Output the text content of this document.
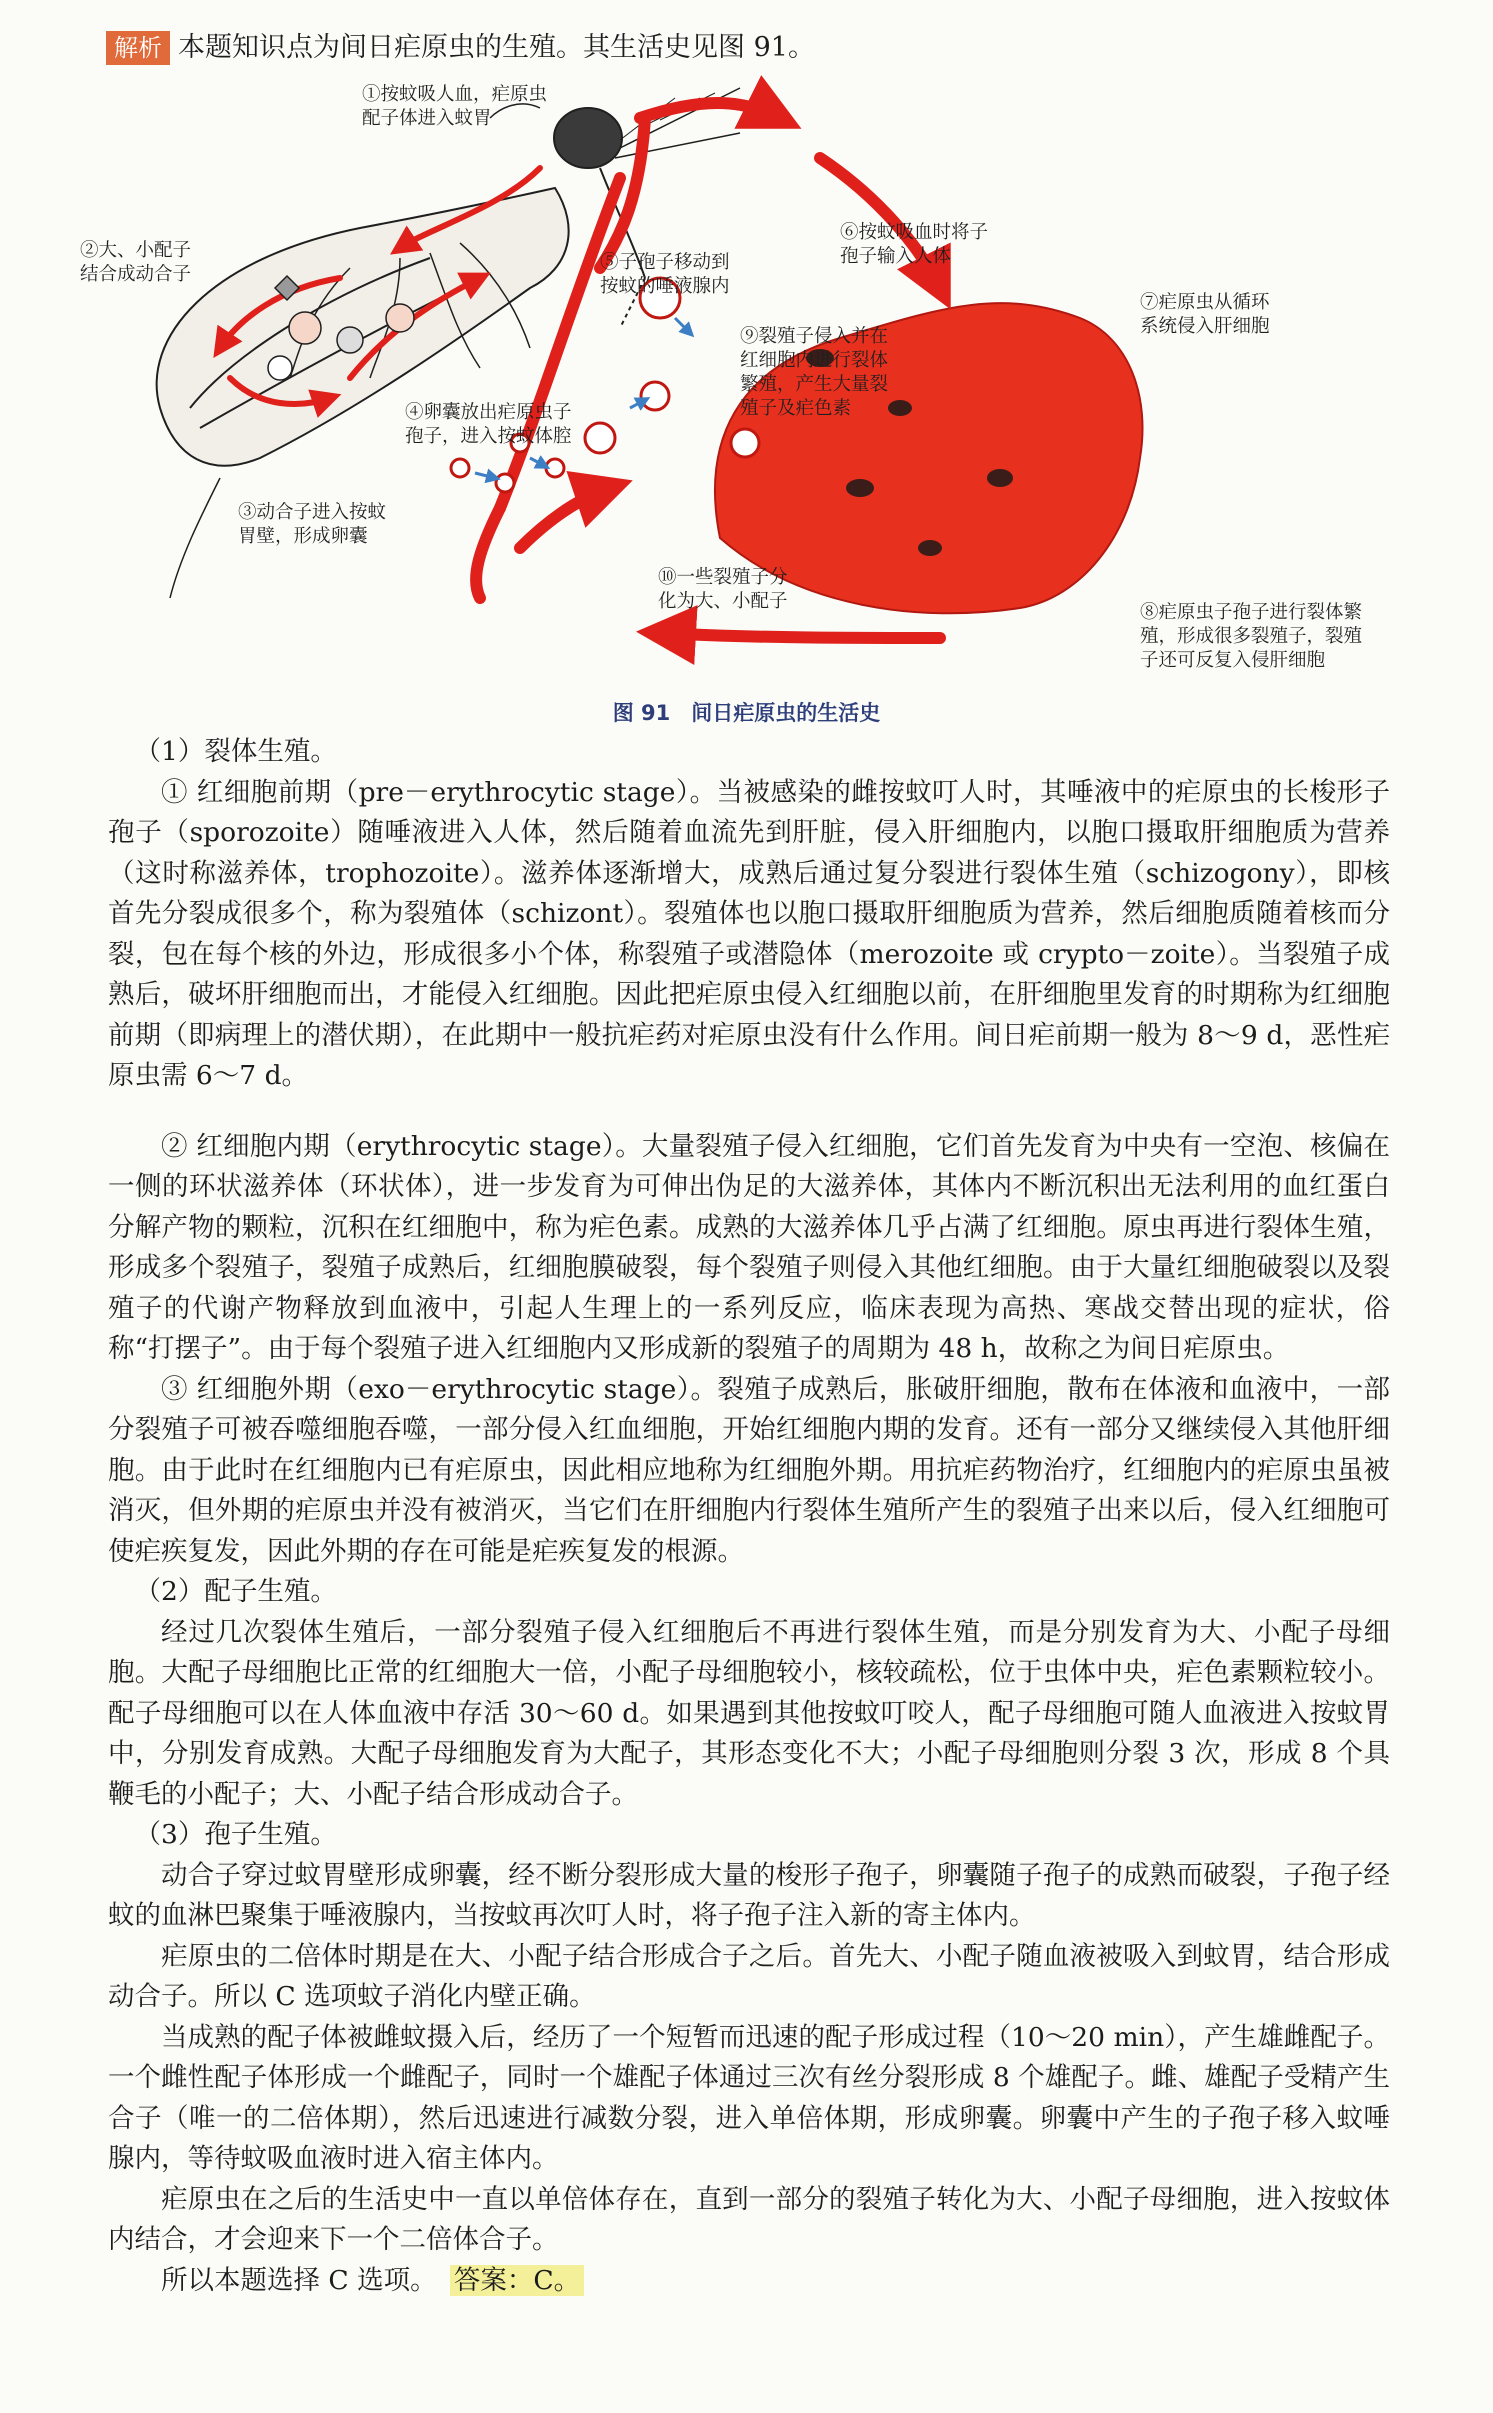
解析 本题知识点为间日疟原虫的生殖。其生活史见图 91。
①按蚊吸人血，疟原虫
配子体进入蚊胃
②大、小配子
结合成动合子
③动合子进入按蚊
胃壁，形成卵囊
④卵囊放出疟原虫子
孢子，进入按蚊体腔
⑤子孢子移动到
按蚊的唾液腺内
⑥按蚊吸血时将子
孢子输入人体
⑦疟原虫从循环
系统侵入肝细胞
⑧疟原虫子孢子进行裂体繁
殖，形成很多裂殖子，裂殖
子还可反复入侵肝细胞
⑨裂殖子侵入并在
红细胞内进行裂体
繁殖，产生大量裂
殖子及疟色素
⑩一些裂殖子分
化为大、小配子
图 91　间日疟原虫的生活史

（1）裂体生殖。

① 红细胞前期（pre－erythrocytic stage）。当被感染的雌按蚊叮人时，其唾液中的疟原虫的长梭形子孢子（sporozoite）随唾液进入人体，然后随着血流先到肝脏，侵入肝细胞内，以胞口摄取肝细胞质为营养（这时称滋养体，trophozoite）。滋养体逐渐增大，成熟后通过复分裂进行裂体生殖（schizogony），即核首先分裂成很多个，称为裂殖体（schizont）。裂殖体也以胞口摄取肝细胞质为营养，然后细胞质随着核而分裂，包在每个核的外边，形成很多小个体，称裂殖子或潜隐体（merozoite 或 crypto－zoite）。当裂殖子成熟后，破坏肝细胞而出，才能侵入红细胞。因此把疟原虫侵入红细胞以前，在肝细胞里发育的时期称为红细胞前期（即病理上的潜伏期），在此期中一般抗疟药对疟原虫没有什么作用。间日疟前期一般为 8～9 d，恶性疟原虫需 6～7 d。

② 红细胞内期（erythrocytic stage）。大量裂殖子侵入红细胞，它们首先发育为中央有一空泡、核偏在一侧的环状滋养体（环状体），进一步发育为可伸出伪足的大滋养体，其体内不断沉积出无法利用的血红蛋白分解产物的颗粒，沉积在红细胞中，称为疟色素。成熟的大滋养体几乎占满了红细胞。原虫再进行裂体生殖，形成多个裂殖子，裂殖子成熟后，红细胞膜破裂，每个裂殖子则侵入其他红细胞。由于大量红细胞破裂以及裂殖子的代谢产物释放到血液中，引起人生理上的一系列反应，临床表现为高热、寒战交替出现的症状，俗称“打摆子”。由于每个裂殖子进入红细胞内又形成新的裂殖子的周期为 48 h，故称之为间日疟原虫。

③ 红细胞外期（exo－erythrocytic stage）。裂殖子成熟后，胀破肝细胞，散布在体液和血液中，一部分裂殖子可被吞噬细胞吞噬，一部分侵入红血细胞，开始红细胞内期的发育。还有一部分又继续侵入其他肝细胞。由于此时在红细胞内已有疟原虫，因此相应地称为红细胞外期。用抗疟药物治疗，红细胞内的疟原虫虽被消灭，但外期的疟原虫并没有被消灭，当它们在肝细胞内行裂体生殖所产生的裂殖子出来以后，侵入红细胞可使疟疾复发，因此外期的存在可能是疟疾复发的根源。

（2）配子生殖。

经过几次裂体生殖后，一部分裂殖子侵入红细胞后不再进行裂体生殖，而是分别发育为大、小配子母细胞。大配子母细胞比正常的红细胞大一倍，小配子母细胞较小，核较疏松，位于虫体中央，疟色素颗粒较小。配子母细胞可以在人体血液中存活 30～60 d。如果遇到其他按蚊叮咬人，配子母细胞可随人血液进入按蚊胃中，分别发育成熟。大配子母细胞发育为大配子，其形态变化不大；小配子母细胞则分裂 3 次，形成 8 个具鞭毛的小配子；大、小配子结合形成动合子。

（3）孢子生殖。

动合子穿过蚊胃壁形成卵囊，经不断分裂形成大量的梭形子孢子，卵囊随子孢子的成熟而破裂，子孢子经蚊的血淋巴聚集于唾液腺内，当按蚊再次叮人时，将子孢子注入新的寄主体内。

疟原虫的二倍体时期是在大、小配子结合形成合子之后。首先大、小配子随血液被吸入到蚊胃，结合形成动合子。所以 C 选项蚊子消化内壁正确。

当成熟的配子体被雌蚊摄入后，经历了一个短暂而迅速的配子形成过程（10～20 min），产生雄雌配子。一个雌性配子体形成一个雌配子，同时一个雄配子体通过三次有丝分裂形成 8 个雄配子。雌、雄配子受精产生合子（唯一的二倍体期），然后迅速进行减数分裂，进入单倍体期，形成卵囊。卵囊中产生的子孢子移入蚊唾腺内，等待蚊吸血液时进入宿主体内。

疟原虫在之后的生活史中一直以单倍体存在，直到一部分的裂殖子转化为大、小配子母细胞，进入按蚊体内结合，才会迎来下一个二倍体合子。

所以本题选择 C 选项。　 答案：C。
